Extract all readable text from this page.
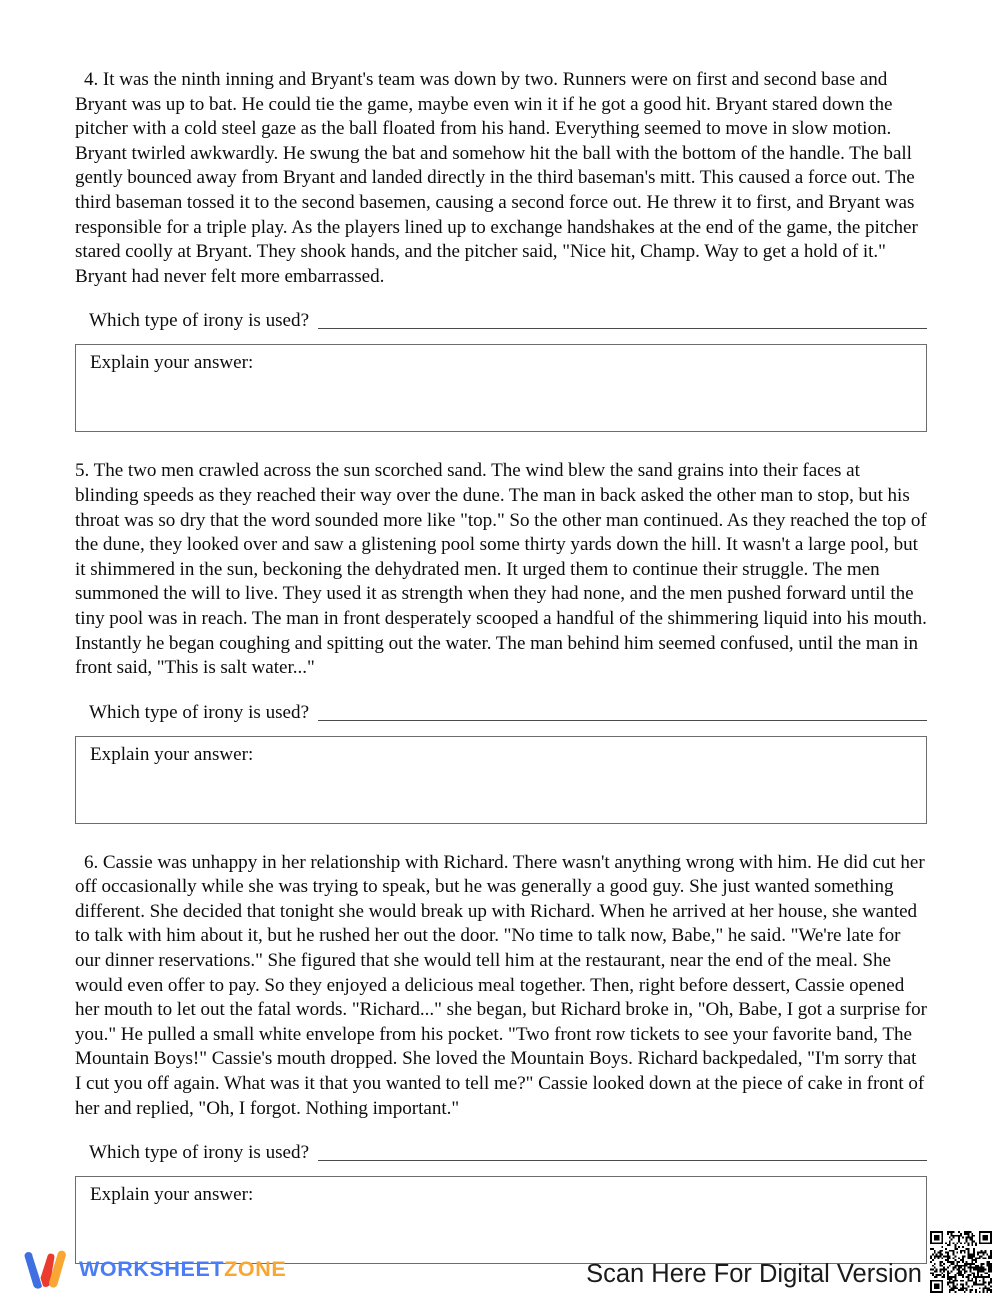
4. It was the ninth inning and Bryant's team was down by two. Runners were on first and second base and Bryant was up to bat. He could tie the game, maybe even win it if he got a good hit. Bryant stared down the pitcher with a cold steel gaze as the ball floated from his hand. Everything seemed to move in slow motion. Bryant twirled awkwardly. He swung the bat and somehow hit the ball with the bottom of the handle. The ball gently bounced away from Bryant and landed directly in the third baseman's mitt. This caused a force out. The third baseman tossed it to the second basemen, causing a second force out. He threw it to first, and Bryant was responsible for a triple play. As the players lined up to exchange handshakes at the end of the game, the pitcher stared coolly at Bryant. They shook hands, and the pitcher said, "Nice hit, Champ. Way to get a hold of it." Bryant had never felt more embarrassed.

Which type of irony is used?
Explain your answer:

5. The two men crawled across the sun scorched sand. The wind blew the sand grains into their faces at blinding speeds as they reached their way over the dune. The man in back asked the other man to stop, but his throat was so dry that the word sounded more like "top." So the other man continued. As they reached the top of the dune, they looked over and saw a glistening pool some thirty yards down the hill. It wasn't a large pool, but it shimmered in the sun, beckoning the dehydrated men. It urged them to continue their struggle. The men summoned the will to live. They used it as strength when they had none, and the men pushed forward until the tiny pool was in reach. The man in front desperately scooped a handful of the shimmering liquid into his mouth. Instantly he began coughing and spitting out the water. The man behind him seemed confused, until the man in front said, "This is salt water..."

Which type of irony is used?
Explain your answer:

6. Cassie was unhappy in her relationship with Richard. There wasn't anything wrong with him. He did cut her off occasionally while she was trying to speak, but he was generally a good guy. She just wanted something different. She decided that tonight she would break up with Richard. When he arrived at her house, she wanted to talk with him about it, but he rushed her out the door. "No time to talk now, Babe," he said. "We're late for our dinner reservations." She figured that she would tell him at the restaurant, near the end of the meal. She would even offer to pay. So they enjoyed a delicious meal together. Then, right before dessert, Cassie opened her mouth to let out the fatal words. "Richard..." she began, but Richard broke in, "Oh, Babe, I got a surprise for you." He pulled a small white envelope from his pocket. "Two front row tickets to see your favorite band, The Mountain Boys!" Cassie's mouth dropped. She loved the Mountain Boys. Richard backpedaled, "I'm sorry that I cut you off again. What was it that you wanted to tell me?" Cassie looked down at the piece of cake in front of her and replied, "Oh, I forgot. Nothing important."

Which type of irony is used?
Explain your answer:
WORKSHEETZONE	Scan Here For Digital Version
